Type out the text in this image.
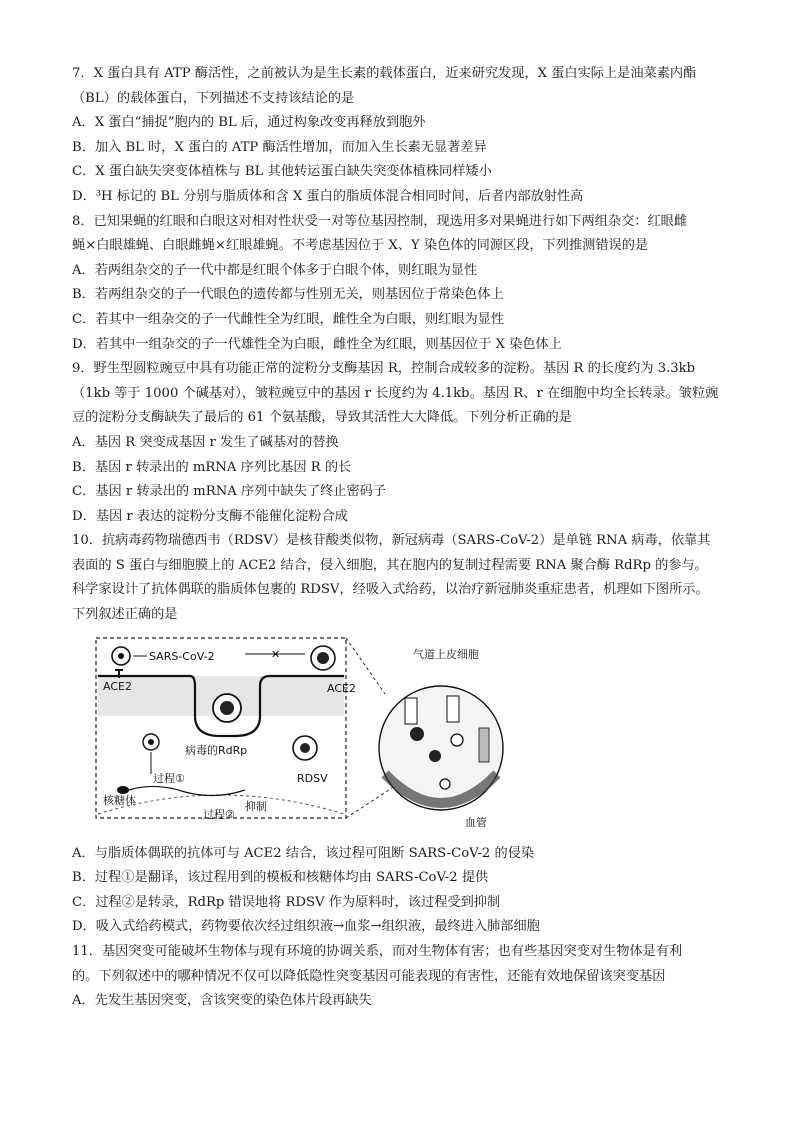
7．X 蛋白具有 ATP 酶活性，之前被认为是生长素的载体蛋白，近来研究发现，X 蛋白实际上是油菜素内酯
（BL）的载体蛋白，下列描述不支持该结论的是
A．X 蛋白“捕捉”胞内的 BL 后，通过构象改变再释放到胞外
B．加入 BL 时，X 蛋白的 ATP 酶活性增加，而加入生长素无显著差异
C．X 蛋白缺失突变体植株与 BL 其他转运蛋白缺失突变体植株同样矮小
D．³H 标记的 BL 分别与脂质体和含 X 蛋白的脂质体混合相同时间，后者内部放射性高
8．已知果蝇的红眼和白眼这对相对性状受一对等位基因控制，现选用多对果蝇进行如下两组杂交：红眼雌
蝇×白眼雄蝇、白眼雌蝇×红眼雄蝇。不考虑基因位于 X、Y 染色体的同源区段，下列推测错误的是
A．若两组杂交的子一代中都是红眼个体多于白眼个体，则红眼为显性
B．若两组杂交的子一代眼色的遗传都与性别无关，则基因位于常染色体上
C．若其中一组杂交的子一代雌性全为红眼，雌性全为白眼，则红眼为显性
D．若其中一组杂交的子一代雄性全为白眼，雌性全为红眼，则基因位于 X 染色体上
9．野生型圆粒豌豆中具有功能正常的淀粉分支酶基因 R，控制合成较多的淀粉。基因 R 的长度约为 3.3kb
（1kb 等于 1000 个碱基对），皱粒豌豆中的基因 r 长度约为 4.1kb。基因 R、r 在细胞中均全长转录。皱粒豌
豆的淀粉分支酶缺失了最后的 61 个氨基酸，导致其活性大大降低。下列分析正确的是
A．基因 R 突变成基因 r 发生了碱基对的替换
B．基因 r 转录出的 mRNA 序列比基因 R 的长
C．基因 r 转录出的 mRNA 序列中缺失了终止密码子
D．基因 r 表达的淀粉分支酶不能催化淀粉合成
10．抗病毒药物瑞德西韦（RDSV）是核苷酸类似物，新冠病毒（SARS-CoV-2）是单链 RNA 病毒，依靠其
表面的 S 蛋白与细胞膜上的 ACE2 结合，侵入细胞，其在胞内的复制过程需要 RNA 聚合酶 RdRp 的参与。
科学家设计了抗体偶联的脂质体包裹的 RDSV，经吸入式给药，以治疗新冠肺炎重症患者，机理如下图所示。
下列叙述正确的是
SARS-CoV-2
ACE2
✕
ACE2
过程①
病毒的RdRp
核糖体
RDSV
抑制
过程②
气道上皮细胞
血管
A．与脂质体偶联的抗体可与 ACE2 结合，该过程可阻断 SARS-CoV-2 的侵染
B．过程①是翻译，该过程用到的模板和核糖体均由 SARS-CoV-2 提供
C．过程②是转录，RdRp 错误地将 RDSV 作为原料时，该过程受到抑制
D．吸入式给药模式，药物要依次经过组织液→血浆→组织液，最终进入肺部细胞
11．基因突变可能破坏生物体与现有环境的协调关系，而对生物体有害；也有些基因突变对生物体是有利
的。下列叙述中的哪种情况不仅可以降低隐性突变基因可能表现的有害性，还能有效地保留该突变基因
A．先发生基因突变，含该突变的染色体片段再缺失
